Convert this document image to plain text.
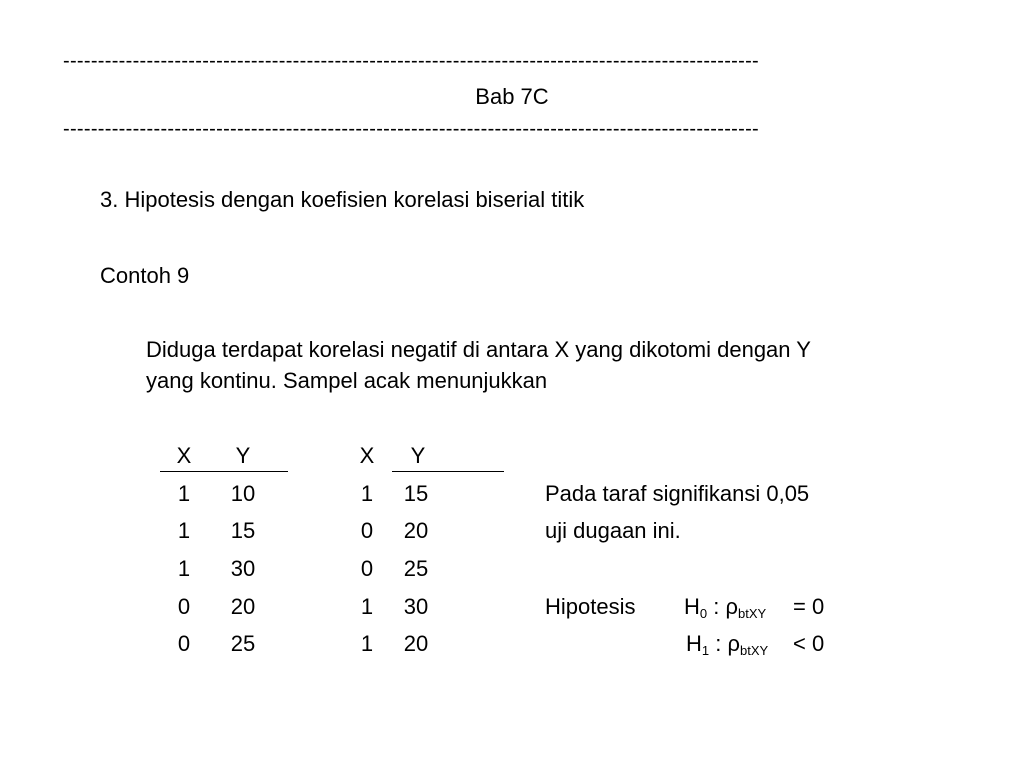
----------------------------------------------------------------------------------------------------
Bab 7C
----------------------------------------------------------------------------------------------------
3. Hipotesis dengan koefisien korelasi biserial titik
Contoh 9
Diduga terdapat korelasi negatif di antara X yang dikotomi dengan Y
yang kontinu. Sampel acak menunjukkan
X	Y
1	10
1	15
1	30
0	20
0	25
X	Y
1	15
0	20
0	25
1	30
1	20
Pada taraf signifikansi 0,05
uji dugaan ini.
Hipotesis $H_0$ : $\rho_{btXY} = 0$
$H_1$ : $\rho_{btXY} < 0$
